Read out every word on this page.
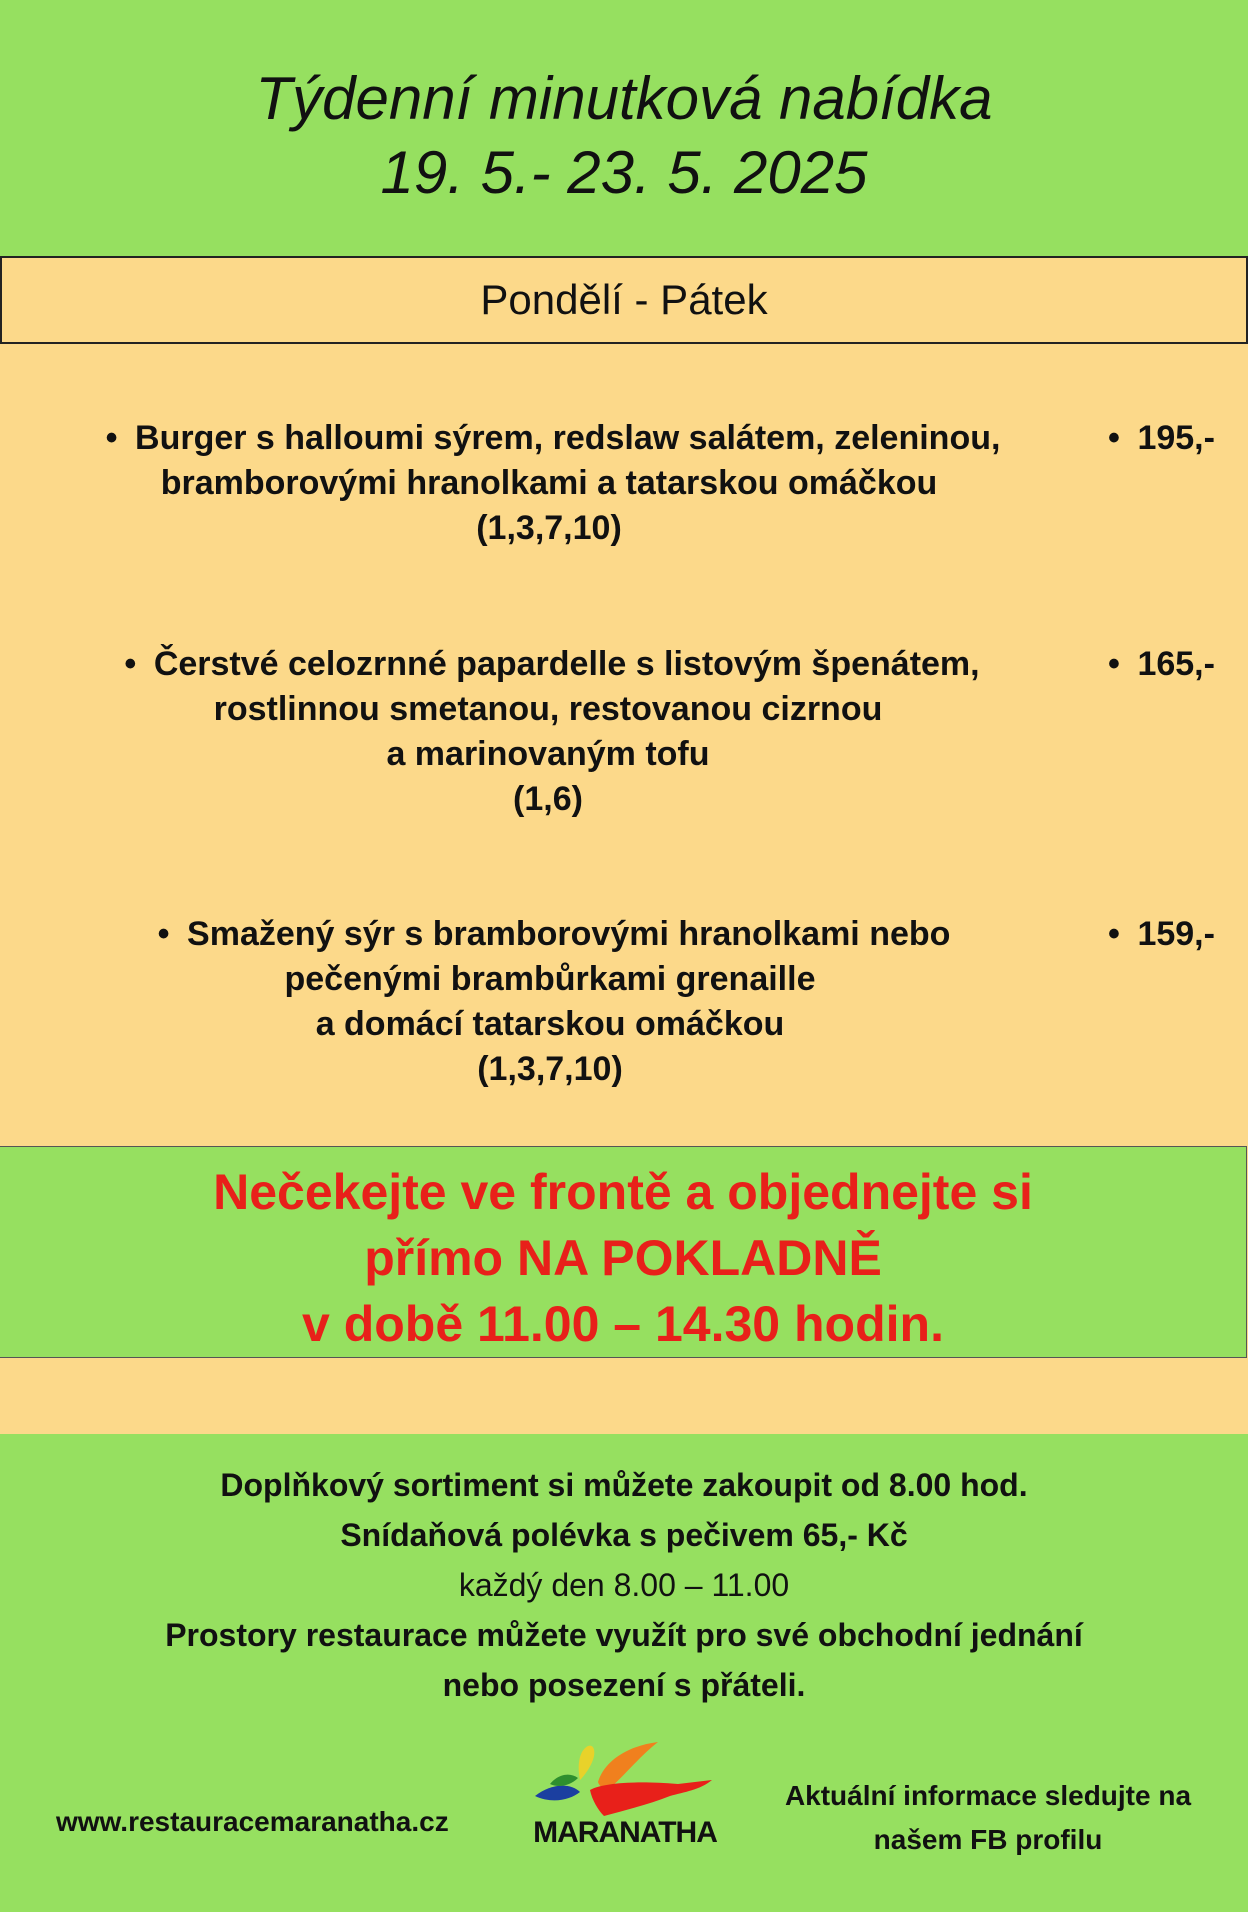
Týdenní minutková nabídka
19. 5.- 23. 5. 2025
Pondělí - Pátek
• Burger s halloumi sýrem, redslaw salátem, zeleninou,
bramborovými hranolkami a tatarskou omáčkou
(1,3,7,10)
• 195,-
• Čerstvé celozrnné papardelle s listovým špenátem,
rostlinnou smetanou, restovanou cizrnou
a marinovaným tofu
(1,6)
• 165,-
• Smažený sýr s bramborovými hranolkami nebo
pečenými brambůrkami grenaille
a domácí tatarskou omáčkou
(1,3,7,10)
• 159,-
Nečekejte ve frontě a objednejte si
přímo NA POKLADNĚ
v době 11.00 – 14.30 hodin.
Doplňkový sortiment si můžete zakoupit od 8.00 hod.
Snídaňová polévka s pečivem 65,- Kč
každý den 8.00 – 11.00
Prostory restaurace můžete využít pro své obchodní jednání
nebo posezení s přáteli.
www.restauracemaranatha.cz	MARANATHA
Aktuální informace sledujte na
našem FB profilu
